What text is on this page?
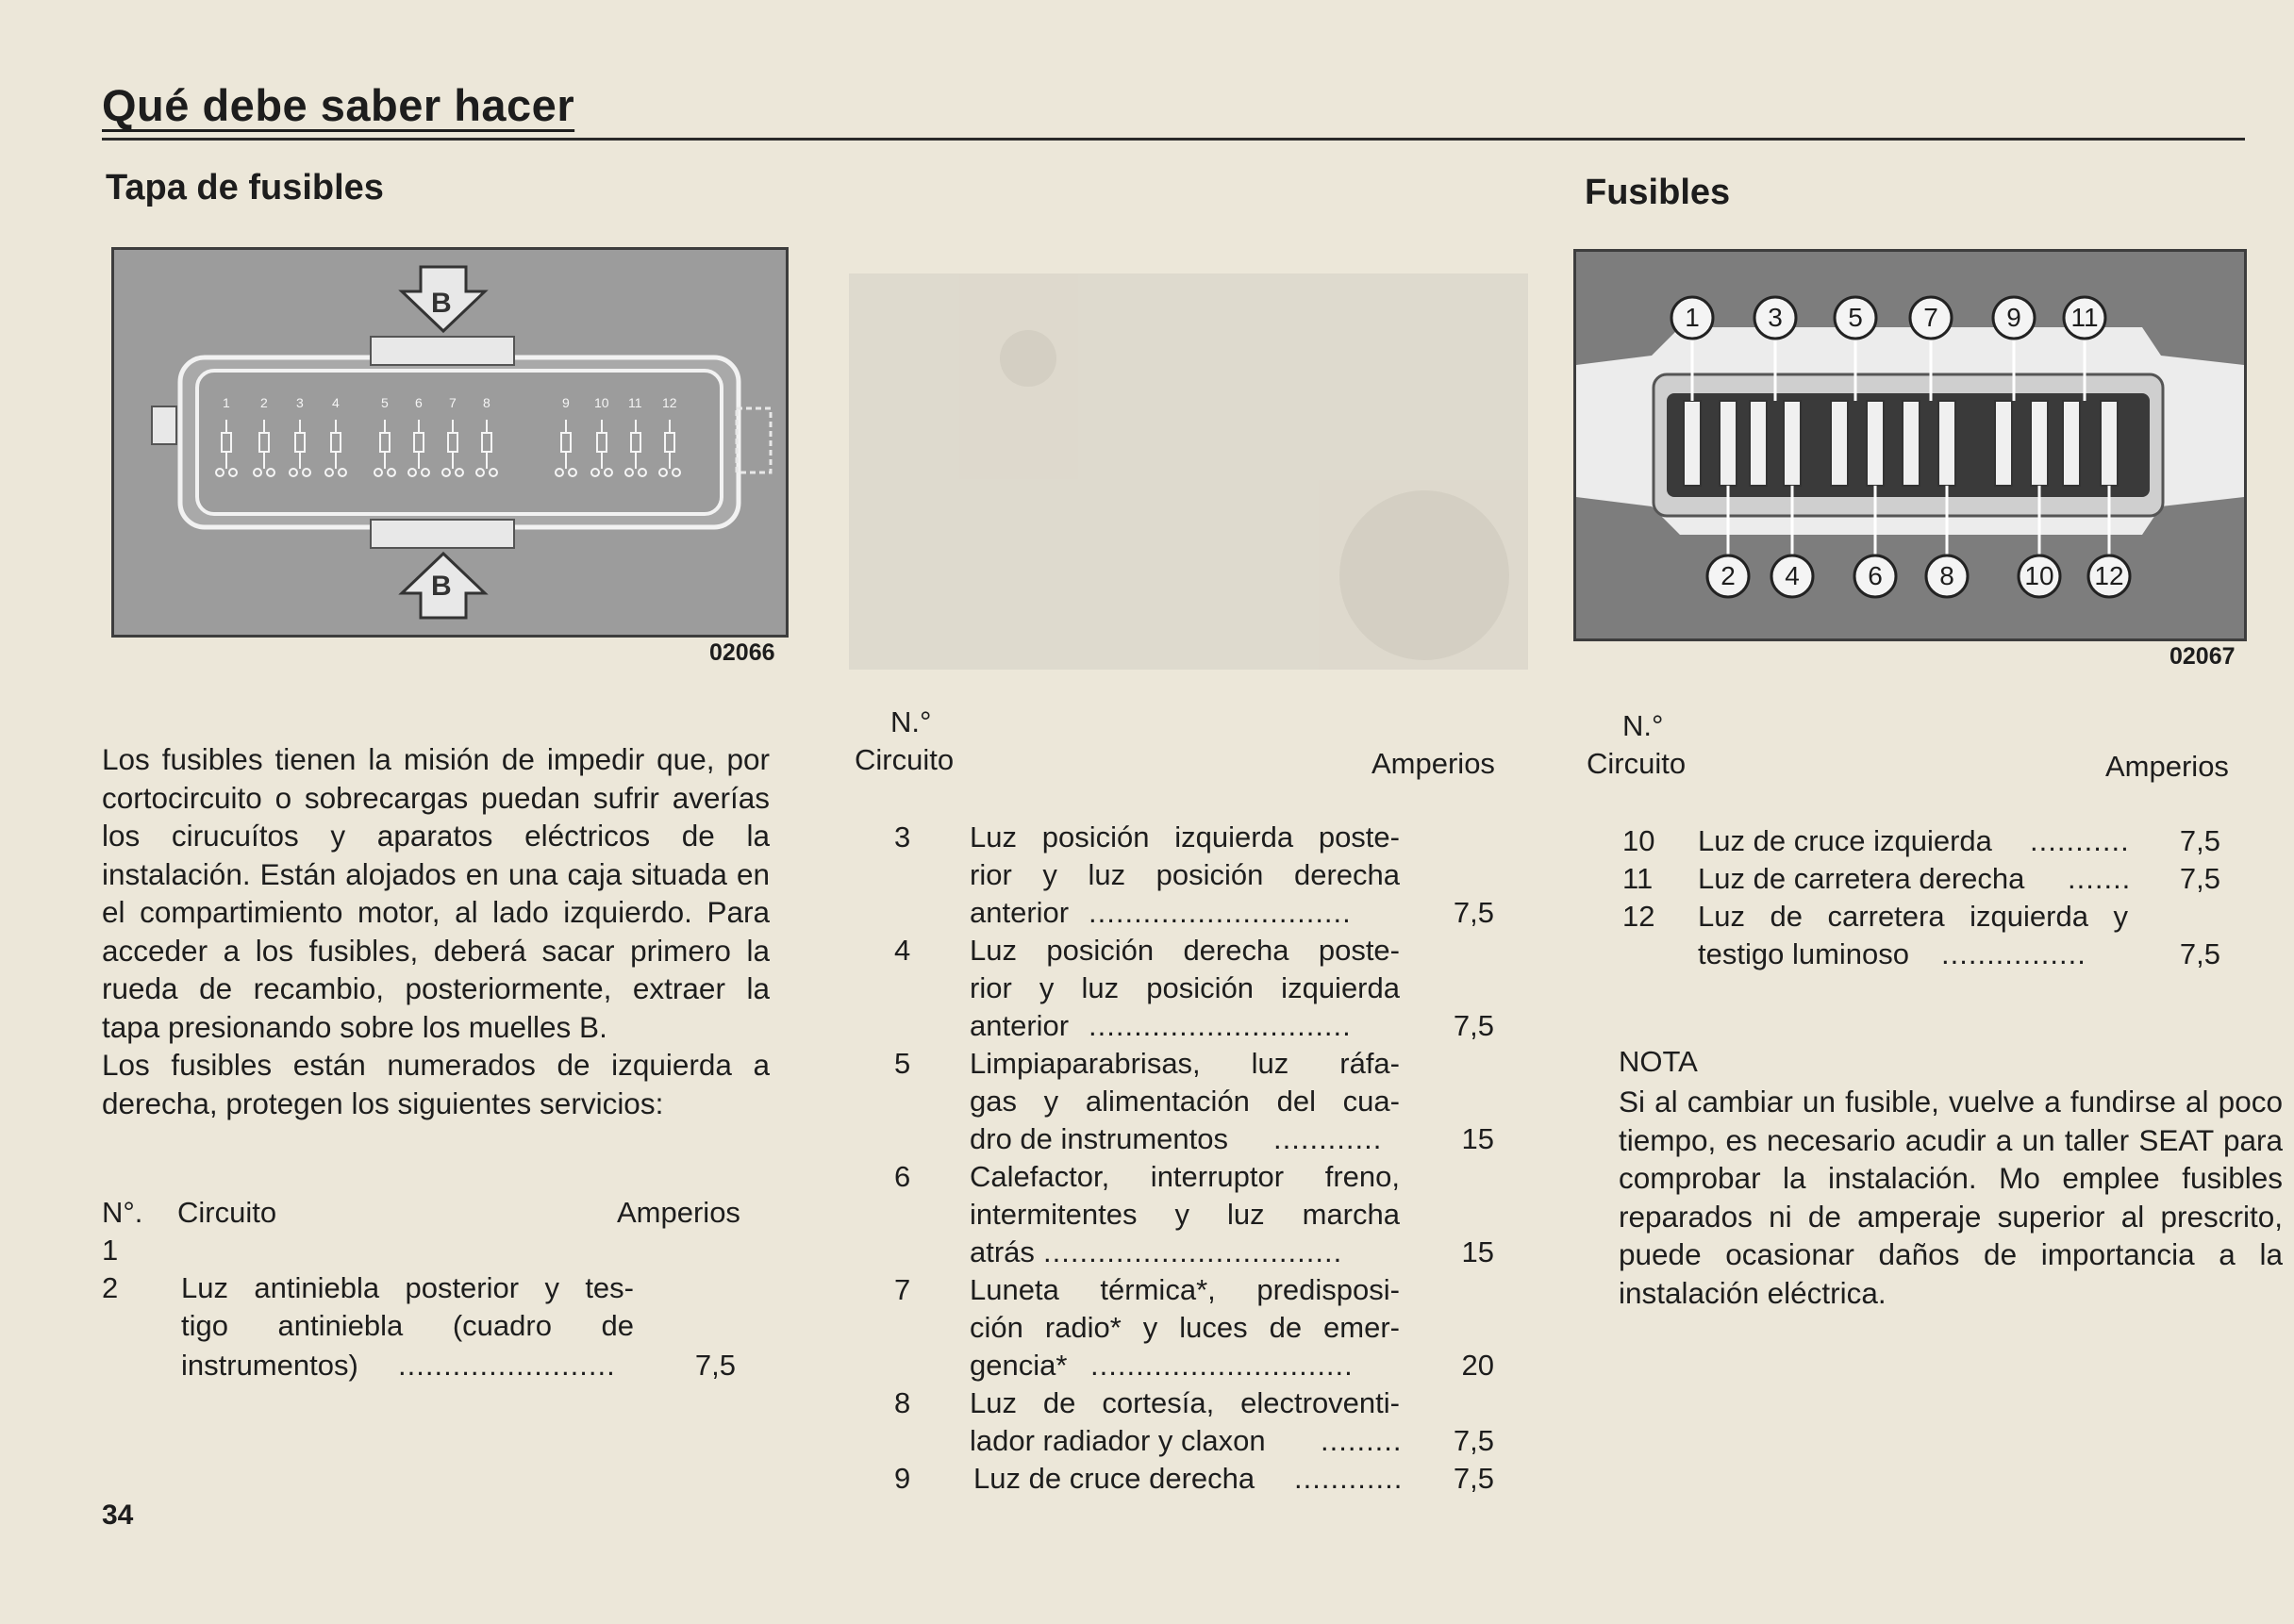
Qué debe saber hacer
Tapa de fusibles	Fusibles
B
B
1 2 3 4	5 6 7 8	9 10 11 12
02066
1	3	5	7	9	11
2	4	6	8	10 12
02067

Los fusibles tienen la misión de impedir que, por cortocircuito o sobrecargas puedan sufrir averías los cirucuítos y aparatos eléctricos de la instalación. Están alojados en una caja situada en el compartimiento motor, al lado izquierdo. Para acceder a los fusibles, deberá sacar primero la rueda de recambio, posteriormente, extraer la tapa presionando sobre los muelles B.

Los fusibles están numerados de izquierda a derecha, protegen los siguientes servicios:

N°. Circuito	Amperios
1
2 Luz antiniebla posterior y tes-
tigo antiniebla (cuadro de
instrumentos) ........................	7,5
N.°
Circuito	Amperios
3 Luz posición izquierda poste-
rior y luz posición derecha
anterior .............................	7,5
4 Luz posición derecha poste-
rior y luz posición izquierda
anterior .............................	7,5
5 Limpiaparabrisas, luz ráfa-
gas y alimentación del cua-
dro de instrumentos ............	15
6 Calefactor, interruptor freno,
intermitentes y luz marcha
atrás .................................	15
7 Luneta térmica*, predisposi-
ción radio* y luces de emer-
gencia* .............................	20
8 Luz de cortesía, electroventi-
lador radiador y claxon .........	7,5
9 Luz de cruce derecha ............	7,5
N.°
Circuito	Amperios
10 Luz de cruce izquierda ...........	7,5
11 Luz de carretera derecha .......	7,5
12 Luz de carretera izquierda y
testigo luminoso ................	7,5
NOTA
Si al cambiar un fusible, vuelve a fundirse al poco tiempo, es necesario acudir a un taller SEAT para comprobar la instalación. Mo emplee fusibles reparados ni de amperaje superior al prescrito, puede ocasionar daños de importancia a la instalación eléctrica.
34
